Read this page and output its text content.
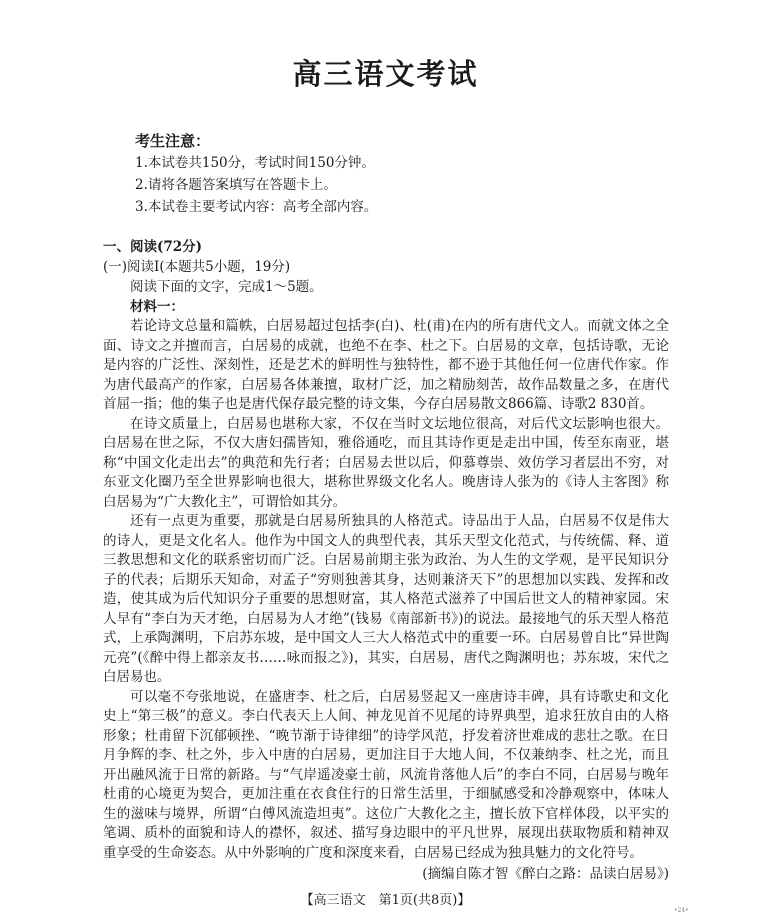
高三语文考试
考生注意：
1.本试卷共150分，考试时间150分钟。
2.请将各题答案填写在答题卡上。
3.本试卷主要考试内容：高考全部内容。
一、阅读(72分)
(一)阅读Ⅰ(本题共5小题，19分)
阅读下面的文字，完成1～5题。
材料一：

若论诗文总量和篇帙，白居易超过包括李(白)、杜(甫)在内的所有唐代文人。而就文体之全面、诗文之并擅而言，白居易的成就，也绝不在李、杜之下。白居易的文章，包括诗歌，无论是内容的广泛性、深刻性，还是艺术的鲜明性与独特性，都不逊于其他任何一位唐代作家。作为唐代最高产的作家，白居易各体兼擅，取材广泛，加之精励刻苦，故作品数量之多，在唐代首屈一指；他的集子也是唐代保存最完整的诗文集，今存白居易散文866篇、诗歌2 830首。

在诗文质量上，白居易也堪称大家，不仅在当时文坛地位很高，对后代文坛影响也很大。白居易在世之际，不仅大唐妇孺皆知，雅俗通吃，而且其诗作更是走出中国，传至东南亚，堪称“中国文化走出去”的典范和先行者；白居易去世以后，仰慕尊崇、效仿学习者层出不穷，对东亚文化圈乃至全世界影响也很大，堪称世界级文化名人。晚唐诗人张为的《诗人主客图》称白居易为“广大教化主”，可谓恰如其分。

还有一点更为重要，那就是白居易所独具的人格范式。诗品出于人品，白居易不仅是伟大的诗人，更是文化名人。他作为中国文人的典型代表，其乐天型文化范式，与传统儒、释、道三教思想和文化的联系密切而广泛。白居易前期主张为政治、为人生的文学观，是平民知识分子的代表；后期乐天知命，对孟子“穷则独善其身，达则兼济天下”的思想加以实践、发挥和改造，使其成为后代知识分子重要的思想财富，其人格范式滋养了中国后世文人的精神家园。宋人早有“李白为天才绝，白居易为人才绝”(钱易《南部新书》)的说法。最接地气的乐天型人格范式，上承陶渊明，下启苏东坡，是中国文人三大人格范式中的重要一环。白居易曾自比“异世陶元亮”(《醉中得上都亲友书……咏而报之》)，其实，白居易，唐代之陶渊明也；苏东坡，宋代之白居易也。

可以毫不夸张地说，在盛唐李、杜之后，白居易竖起又一座唐诗丰碑，具有诗歌史和文化史上“第三极”的意义。李白代表天上人间、神龙见首不见尾的诗界典型，追求狂放自由的人格形象；杜甫留下沉郁顿挫、“晚节渐于诗律细”的诗学风范，抒发着济世难成的悲壮之歌。在日月争辉的李、杜之外，步入中唐的白居易，更加注目于大地人间，不仅兼纳李、杜之光，而且开出融风流于日常的新路。与“气岸遥凌豪士前，风流肯落他人后”的李白不同，白居易与晚年杜甫的心境更为契合，更加注重在衣食住行的日常生活里，于细腻感受和冷静观察中，体味人生的滋味与境界，所谓“白傅风流造坦夷”。这位广大教化之主，擅长放下官样体段，以平实的笔调、质朴的面貌和诗人的襟怀，叙述、描写身边眼中的平凡世界，展现出获取物质和精神双重享受的生命姿态。从中外影响的广度和深度来看，白居易已经成为独具魅力的文化符号。

(摘编自陈才智《醉白之路：品读白居易》)
【高三语文　第1页(共8页)】
•24•
